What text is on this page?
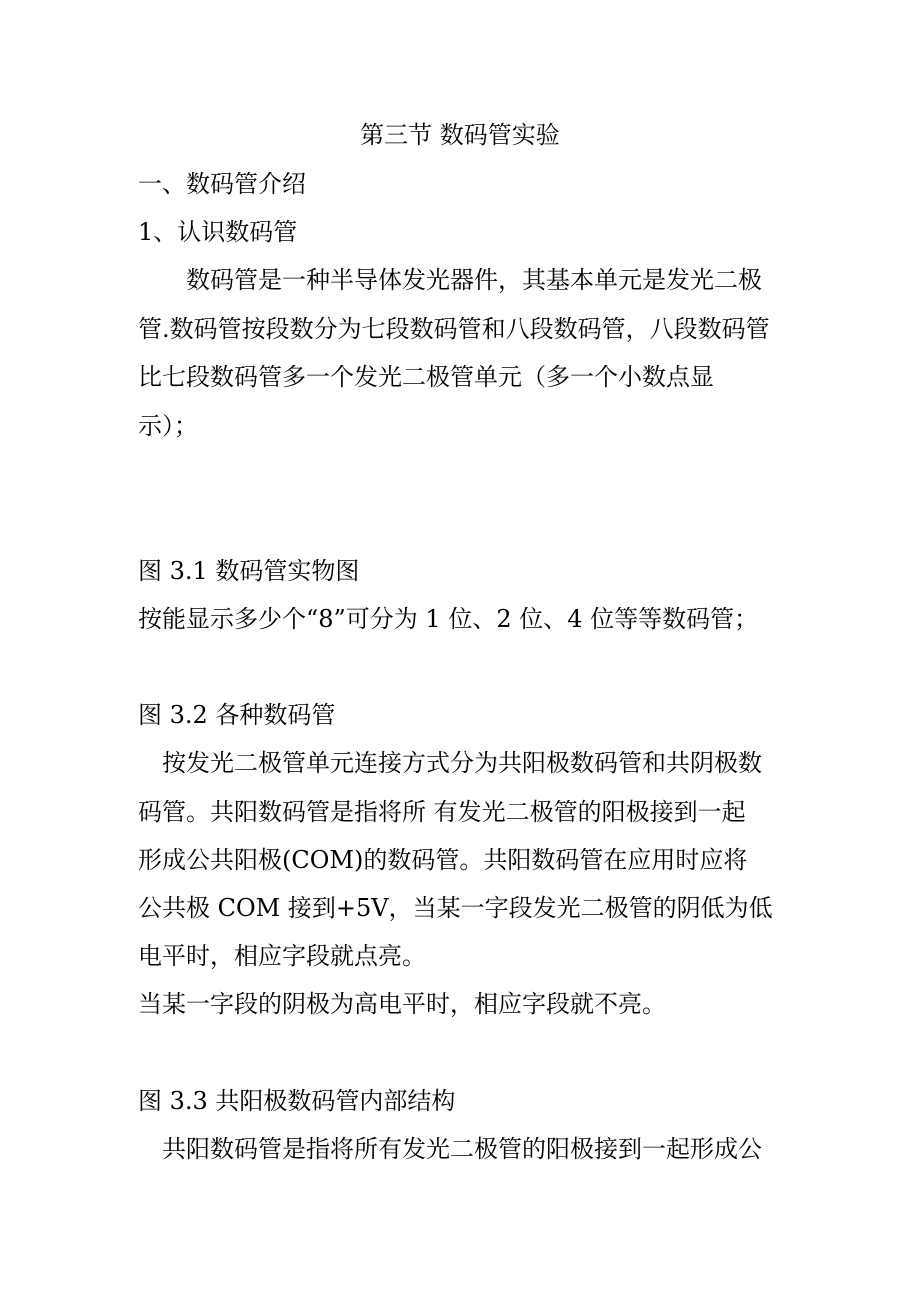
第三节 数码管实验

一、数码管介绍

1、认识数码管

数码管是一种半导体发光器件，其基本单元是发光二极

管.数码管按段数分为七段数码管和八段数码管，八段数码管

比七段数码管多一个发光二极管单元（多一个小数点显

示）；

图 3.1 数码管实物图

按能显示多少个“8”可分为 1 位、2 位、4 位等等数码管；

图 3.2 各种数码管

按发光二极管单元连接方式分为共阳极数码管和共阴极数

码管。共阳数码管是指将所 有发光二极管的阳极接到一起

形成公共阳极(COM)的数码管。共阳数码管在应用时应将

公共极 COM 接到+5V，当某一字段发光二极管的阴低为低

电平时，相应字段就点亮。

当某一字段的阴极为高电平时，相应字段就不亮。

图 3.3 共阳极数码管内部结构

共阳数码管是指将所有发光二极管的阳极接到一起形成公
